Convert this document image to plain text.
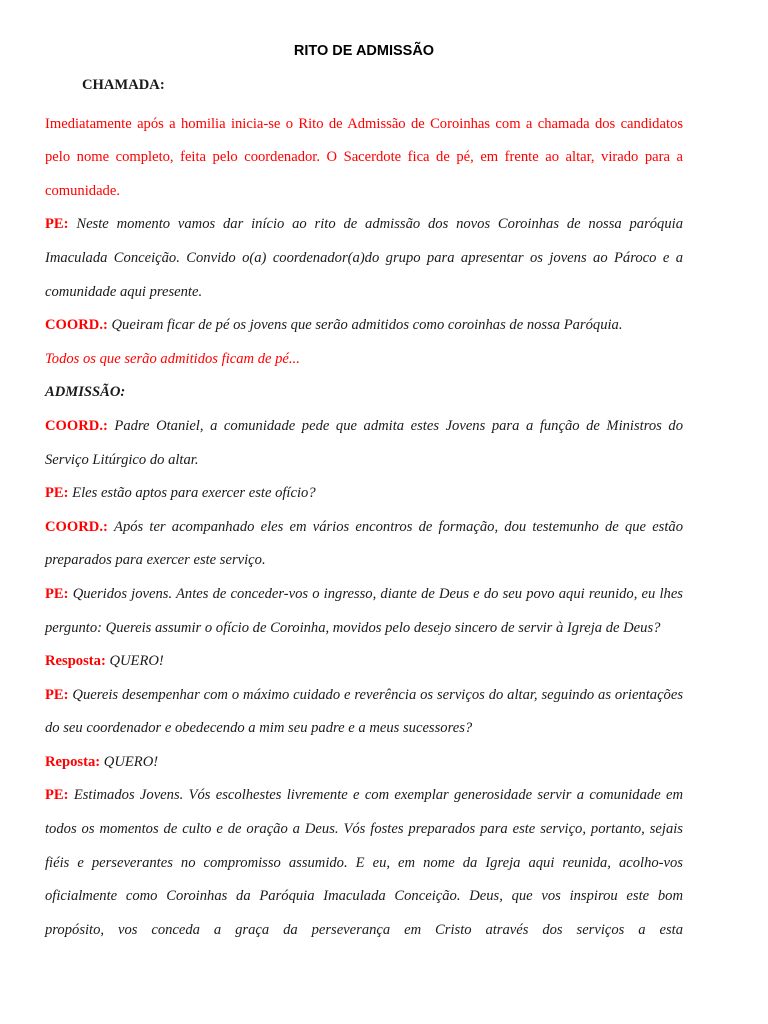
RITO DE ADMISSÃO
CHAMADA:

Imediatamente após a homilia inicia-se o Rito de Admissão de Coroinhas com a chamada dos candidatos pelo nome completo, feita pelo coordenador. O Sacerdote fica de pé, em frente ao altar, virado para a comunidade.

PE: Neste momento vamos dar início ao rito de admissão dos novos Coroinhas de nossa paróquia Imaculada Conceição. Convido o(a) coordenador(a)do grupo para apresentar os jovens ao Pároco e a comunidade aqui presente.

COORD.: Queiram ficar de pé os jovens que serão admitidos como coroinhas de nossa Paróquia.

Todos os que serão admitidos ficam de pé...

ADMISSÃO:

COORD.: Padre Otaniel, a comunidade pede que admita estes Jovens para a função de Ministros do Serviço Litúrgico do altar.

PE: Eles estão aptos para exercer este ofício?

COORD.: Após ter acompanhado eles em vários encontros de formação, dou testemunho de que estão preparados para exercer este serviço.

PE: Queridos jovens. Antes de conceder-vos o ingresso, diante de Deus e do seu povo aqui reunido, eu lhes pergunto: Quereis assumir o ofício de Coroinha, movidos pelo desejo sincero de servir à Igreja de Deus?

Resposta: QUERO!

PE: Quereis desempenhar com o máximo cuidado e reverência os serviços do altar, seguindo as orientações do seu coordenador e obedecendo a mim seu padre e a meus sucessores?

Reposta: QUERO!

PE: Estimados Jovens. Vós escolhestes livremente e com exemplar generosidade servir a comunidade em todos os momentos de culto e de oração a Deus. Vós fostes preparados para este serviço, portanto, sejais fiéis e perseverantes no compromisso assumido. E eu, em nome da Igreja aqui reunida, acolho-vos oficialmente como Coroinhas da Paróquia Imaculada Conceição. Deus, que vos inspirou este bom propósito, vos conceda a graça da perseverança em Cristo através dos serviços a esta
